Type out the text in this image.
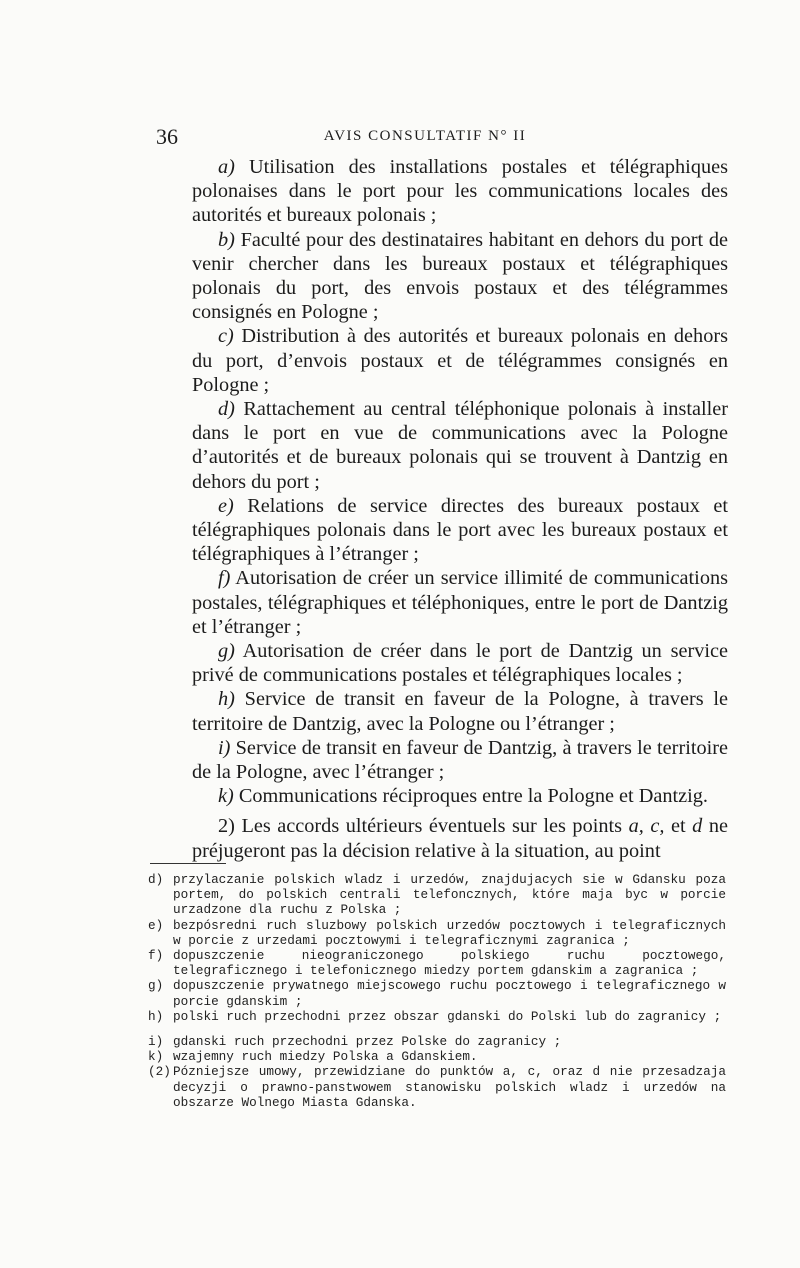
36	AVIS CONSULTATIF N° II

a) Utilisation des installations postales et télégraphiques polonaises dans le port pour les communications locales des autorités et bureaux polonais ;

b) Faculté pour des destinataires habitant en dehors du port de venir chercher dans les bureaux postaux et télégraphiques polonais du port, des envois postaux et des télégrammes consignés en Pologne ;

c) Distribution à des autorités et bureaux polonais en dehors du port, d’envois postaux et de télégrammes consignés en Pologne ;

d) Rattachement au central téléphonique polonais à installer dans le port en vue de communications avec la Pologne d’autorités et de bureaux polonais qui se trouvent à Dantzig en dehors du port ;

e) Relations de service directes des bureaux postaux et télégraphiques polonais dans le port avec les bureaux postaux et télégraphiques à l’étranger ;

f) Autorisation de créer un service illimité de communications postales, télégraphiques et téléphoniques, entre le port de Dantzig et l’étranger ;

g) Autorisation de créer dans le port de Dantzig un service privé de communications postales et télégraphiques locales ;

h) Service de transit en faveur de la Pologne, à travers le territoire de Dantzig, avec la Pologne ou l’étranger ;

i) Service de transit en faveur de Dantzig, à travers le territoire de la Pologne, avec l’étranger ;

k) Communications réciproques entre la Pologne et Dantzig.

2) Les accords ultérieurs éventuels sur les points a, c, et d ne préjugeront pas la décision relative à la situation, au point

d) przylaczanie polskich wladz i urzedów, znajdujacych sie w Gdansku poza portem, do polskich centrali telefoncznych, które maja byc w porcie urzadzone dla ruchu z Polska ;
e) bezpósredni ruch sluzbowy polskich urzedów pocztowych i telegraficznych w porcie z urzedami pocztowymi i telegraficznymi zagranica ;
f) dopuszczenie nieograniczonego polskiego ruchu pocztowego, telegraficznego i telefonicznego miedzy portem gdanskim a zagranica ;
g) dopuszczenie prywatnego miejscowego ruchu pocztowego i telegraficznego w porcie gdanskim ;
h) polski ruch przechodni przez obszar gdanski do Polski lub do zagranicy ;
i) gdanski ruch przechodni przez Polske do zagranicy ;
k) wzajemny ruch miedzy Polska a Gdanskiem.
(2) Pózniejsze umowy, przewidziane do punktów a, c, oraz d nie przesadzaja decyzji o prawno-panstwowem stanowisku polskich wladz i urzedów na obszarze Wolnego Miasta Gdanska.
